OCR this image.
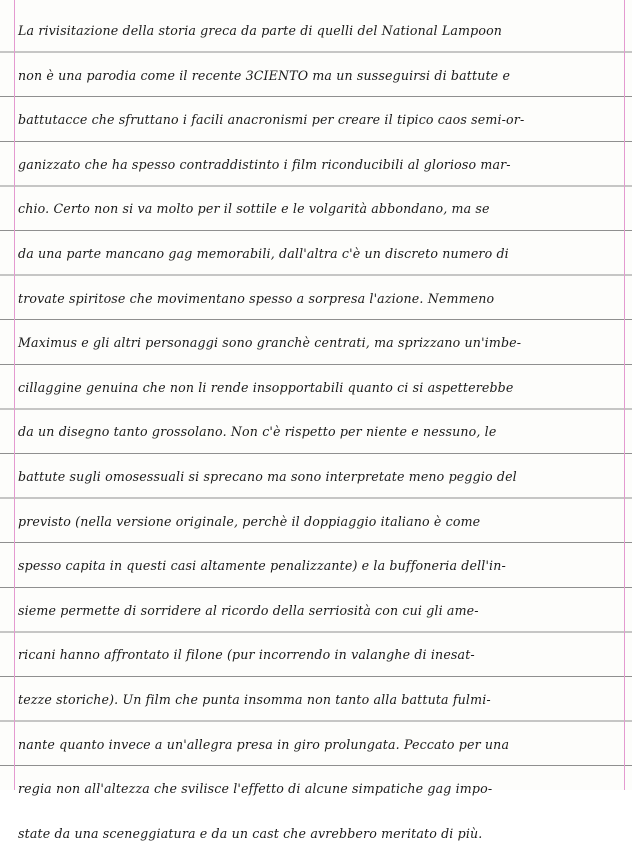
La rivisitazione della storia greca da parte di quelli del National Lampoon
non è una parodia come il recente 3CIENTO ma un susseguirsi di battute e
battutacce che sfruttano i facili anacronismi per creare il tipico caos semi-or-
ganizzato che ha spesso contraddistinto i film riconducibili al glorioso mar-
chio. Certo non si va molto per il sottile e le volgarità abbondano, ma se
da una parte mancano gag memorabili, dall'altra c'è un discreto numero di
trovate spiritose che movimentano spesso a sorpresa l'azione. Nemmeno
Maximus e gli altri personaggi sono granchè centrati, ma sprizzano un'imbe-
cillaggine genuina che non li rende insopportabili quanto ci si aspetterebbe
da un disegno tanto grossolano. Non c'è rispetto per niente e nessuno, le
battute sugli omosessuali si sprecano ma sono interpretate meno peggio del
previsto (nella versione originale, perchè il doppiaggio italiano è come
spesso capita in questi casi altamente penalizzante) e la buffoneria dell'in-
sieme permette di sorridere al ricordo della serriosità con cui gli ame-
ricani hanno affrontato il filone (pur incorrendo in valanghe di inesat-
tezze storiche). Un film che punta insomma non tanto alla battuta fulmi-
nante quanto invece a un'allegra presa in giro prolungata. Peccato per una
regia non all'altezza che svilisce l'effetto di alcune simpatiche gag impo-
state da una sceneggiatura e da un cast che avrebbero meritato di più.
